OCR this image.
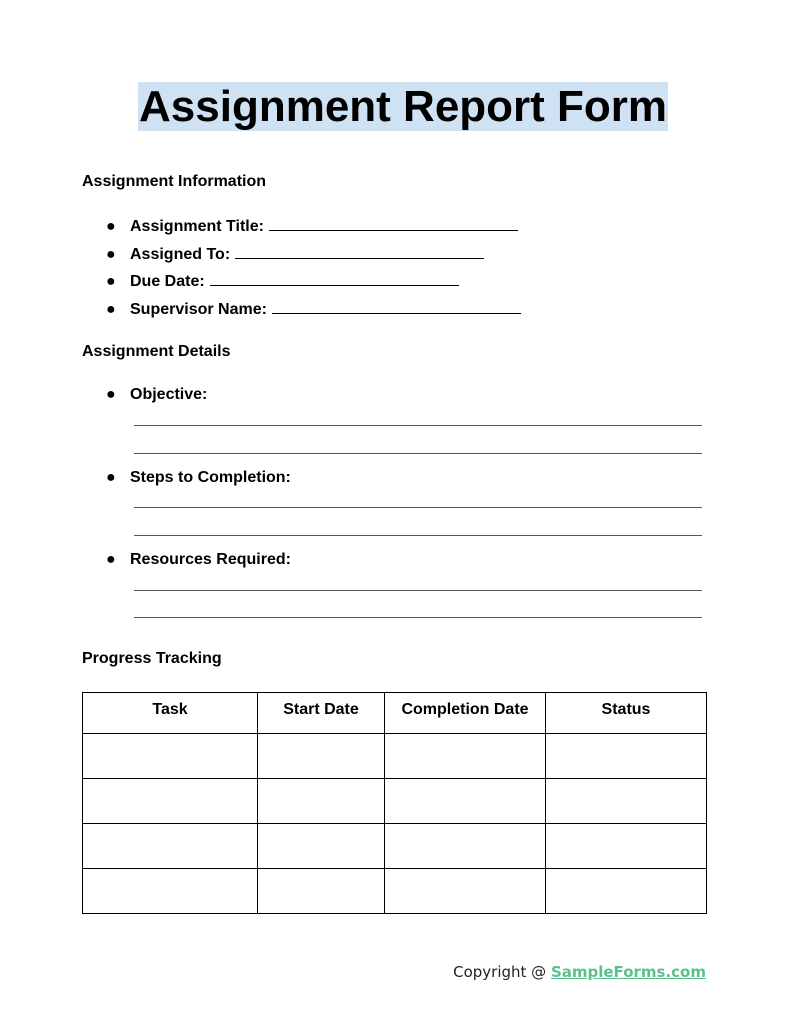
Assignment Report Form
Assignment Information
● Assignment Title:
● Assigned To:
● Due Date:
● Supervisor Name:
Assignment Details
● Objective:
● Steps to Completion:
● Resources Required:
Progress Tracking
Task	Start Date	Completion Date	Status

Copyright @ SampleForms.com
